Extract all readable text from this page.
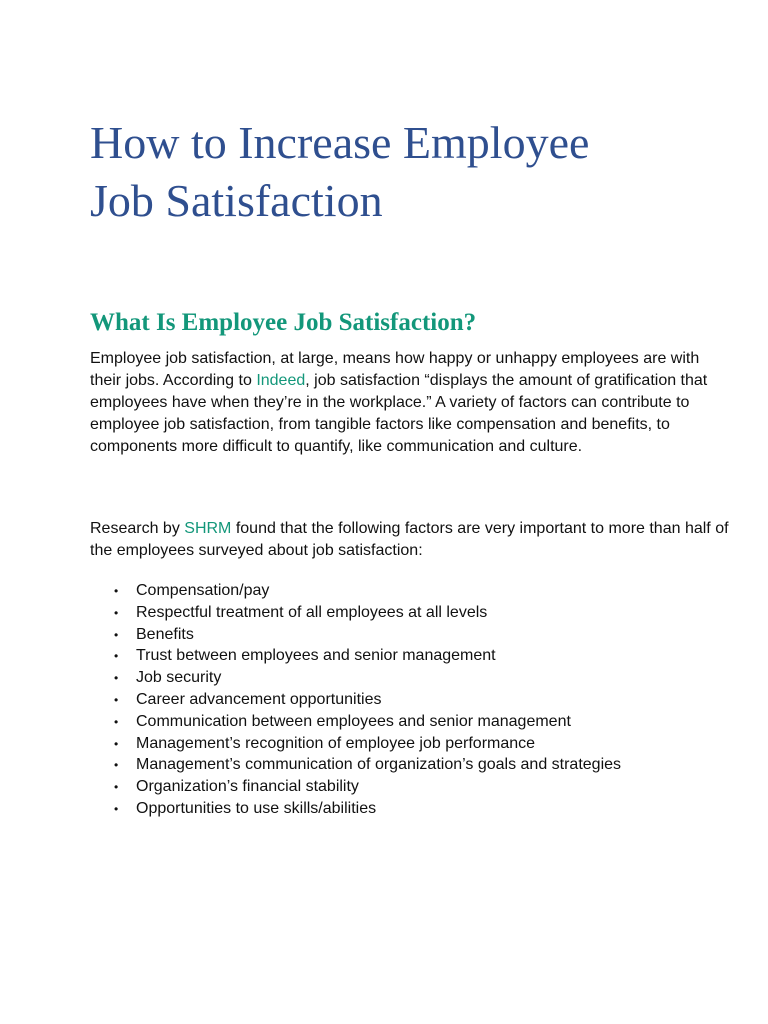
How to Increase Employee
Job Satisfaction
What Is Employee Job Satisfaction?

Employee job satisfaction, at large, means how happy or unhappy employees are with their jobs. According to Indeed, job satisfaction “displays the amount of gratification that employees have when they’re in the workplace.” A variety of factors can contribute to employee job satisfaction, from tangible factors like compensation and benefits, to components more difficult to quantify, like communication and culture.

Research by SHRM found that the following factors are very important to more than half of the employees surveyed about job satisfaction:

• Compensation/pay
• Respectful treatment of all employees at all levels
• Benefits
• Trust between employees and senior management
• Job security
• Career advancement opportunities
• Communication between employees and senior management
• Management’s recognition of employee job performance
• Management’s communication of organization’s goals and strategies
• Organization’s financial stability
• Opportunities to use skills/abilities
